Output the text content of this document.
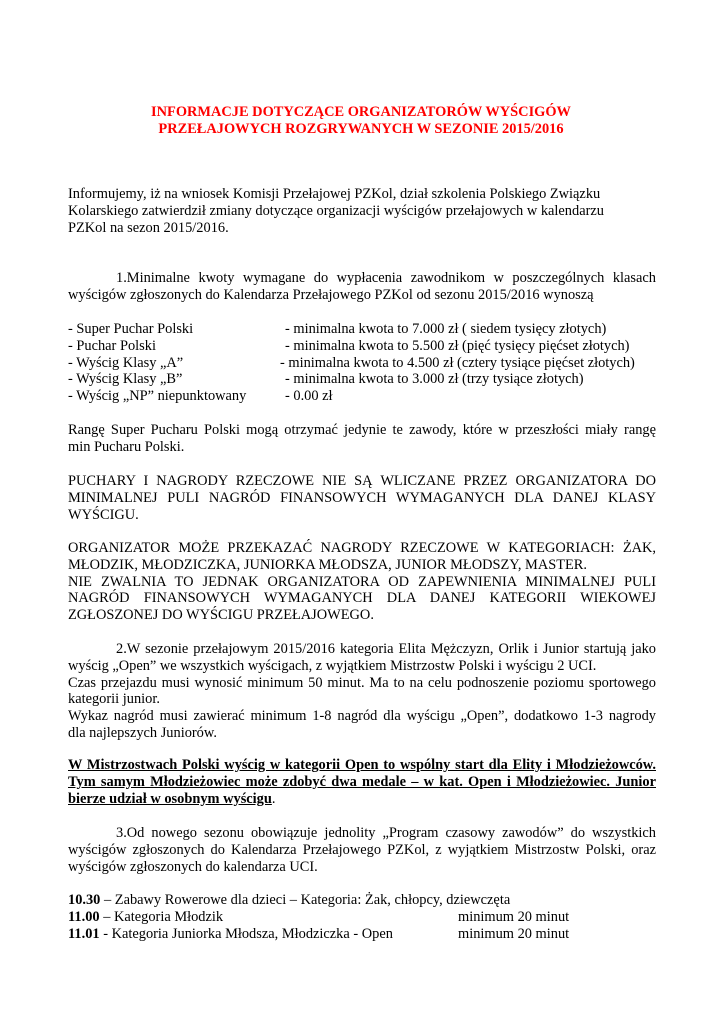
INFORMACJE DOTYCZĄCE ORGANIZATORÓW WYŚCIGÓW
PRZEŁAJOWYCH ROZGRYWANYCH W SEZONIE 2015/2016
Informujemy, iż na wniosek Komisji Przełajowej PZKol, dział szkolenia Polskiego Związku
Kolarskiego zatwierdził zmiany dotyczące organizacji wyścigów przełajowych w kalendarzu
PZKol na sezon 2015/2016.
1.Minimalne kwoty wymagane do wypłacenia zawodnikom w poszczególnych klasach
wyścigów zgłoszonych do Kalendarza Przełajowego PZKol od sezonu 2015/2016 wynoszą
- Super Puchar Polski	- minimalna kwota to 7.000 zł ( siedem tysięcy złotych)
- Puchar Polski	- minimalna kwota to 5.500 zł (pięć tysięcy pięćset złotych)
- Wyścig Klasy „A”	- minimalna kwota to 4.500 zł (cztery tysiące pięćset złotych)
- Wyścig Klasy „B”	- minimalna kwota to 3.000 zł (trzy tysiące złotych)
- Wyścig „NP” niepunktowany	- 0.00 zł
Rangę Super Pucharu Polski mogą otrzymać jedynie te zawody, które w przeszłości miały rangę
min Pucharu Polski.
PUCHARY I NAGRODY RZECZOWE NIE SĄ WLICZANE PRZEZ ORGANIZATORA DO
MINIMALNEJ PULI NAGRÓD FINANSOWYCH WYMAGANYCH DLA DANEJ KLASY
WYŚCIGU.
ORGANIZATOR MOŻE PRZEKAZAĆ NAGRODY RZECZOWE W KATEGORIACH: ŻAK,
MŁODZIK, MŁODZICZKA, JUNIORKA MŁODSZA, JUNIOR MŁODSZY, MASTER.
NIE ZWALNIA TO JEDNAK ORGANIZATORA OD ZAPEWNIENIA MINIMALNEJ PULI
NAGRÓD FINANSOWYCH WYMAGANYCH DLA DANEJ KATEGORII WIEKOWEJ
ZGŁOSZONEJ DO WYŚCIGU PRZEŁAJOWEGO.
2.W sezonie przełajowym 2015/2016 kategoria Elita Mężczyzn, Orlik i Junior startują jako
wyścig „Open” we wszystkich wyścigach, z wyjątkiem Mistrzostw Polski i wyścigu 2 UCI.
Czas przejazdu musi wynosić minimum 50 minut. Ma to na celu podnoszenie poziomu sportowego
kategorii junior.
Wykaz nagród musi zawierać minimum 1-8 nagród dla wyścigu „Open”, dodatkowo 1-3 nagrody
dla najlepszych Juniorów.
W Mistrzostwach Polski wyścig w kategorii Open to wspólny start dla Elity i Młodzieżowców.
Tym samym Młodzieżowiec może zdobyć dwa medale – w kat. Open i Młodzieżowiec. Junior
bierze udział w osobnym wyścigu.
3.Od nowego sezonu obowiązuje jednolity „Program czasowy zawodów” do wszystkich
wyścigów zgłoszonych do Kalendarza Przełajowego PZKol, z wyjątkiem Mistrzostw Polski, oraz
wyścigów zgłoszonych do kalendarza UCI.
10.30 – Zabawy Rowerowe dla dzieci – Kategoria: Żak, chłopcy, dziewczęta
11.00 – Kategoria Młodzik	minimum 20 minut
11.01 - Kategoria Juniorka Młodsza, Młodziczka - Open	minimum 20 minut
